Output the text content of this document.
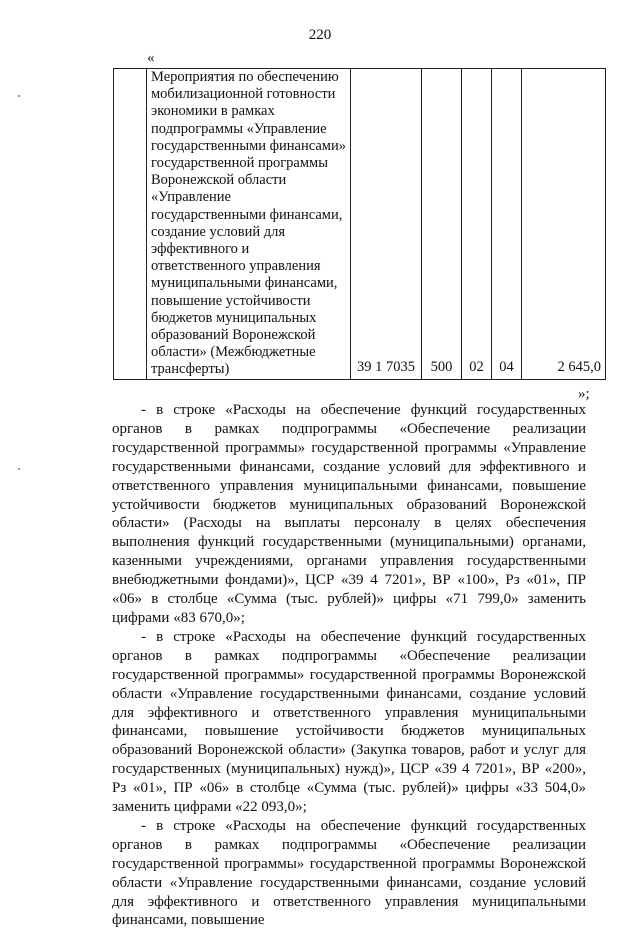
220
«
	Мероприятия по обеспечению мобилизационной готовности экономики в рамках подпрограммы «Управление государственными финансами» государственной программы Воронежской области «Управление государственными финансами, создание условий для эффективного и ответственного управления муниципальными финансами, повышение устойчивости бюджетов муниципальных образований Воронежской области» (Межбюджетные трансферты)	39 1 7035	500	02	04	2 645,0
»;

- в строке «Расходы на обеспечение функций государственных органов в рамках подпрограммы «Обеспечение реализации государственной программы» государственной программы «Управление государственными финансами, создание условий для эффективного и ответственного управления муниципальными финансами, повышение устойчивости бюджетов муниципальных образований Воронежской области» (Расходы на выплаты персоналу в целях обеспечения выполнения функций государственными (муниципальными) органами, казенными учреждениями, органами управления государственными внебюджетными фондами)», ЦСР «39 4 7201», ВР «100», Рз «01», ПР «06» в столбце «Сумма (тыс. рублей)» цифры «71 799,0» заменить цифрами «83 670,0»;

- в строке «Расходы на обеспечение функций государственных органов в рамках подпрограммы «Обеспечение реализации государственной программы» государственной программы Воронежской области «Управление государственными финансами, создание условий для эффективного и ответственного управления муниципальными финансами, повышение устойчивости бюджетов муниципальных образований Воронежской области» (Закупка товаров, работ и услуг для государственных (муниципальных) нужд)», ЦСР «39 4 7201», ВР «200», Рз «01», ПР «06» в столбце «Сумма (тыс. рублей)» цифры «33 504,0» заменить цифрами «22 093,0»;

- в строке «Расходы на обеспечение функций государственных органов в рамках подпрограммы «Обеспечение реализации государственной программы» государственной программы Воронежской области «Управление государственными финансами, создание условий для эффективного и ответственного управления муниципальными финансами, повышение
